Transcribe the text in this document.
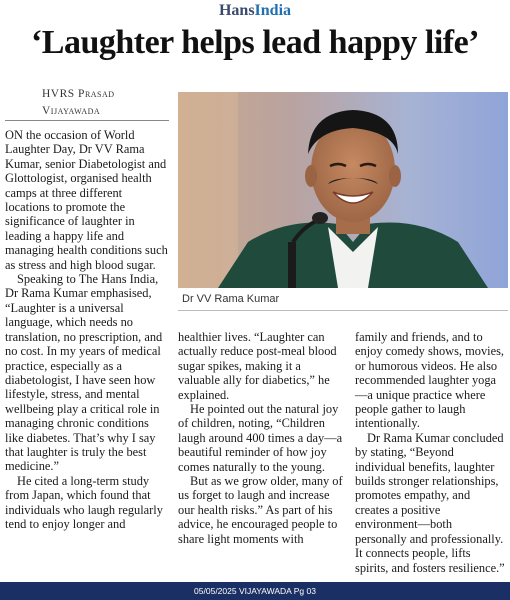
HansIndia
‘Laughter helps lead happy life’
HVRS Prasad
Vijayawada
Dr VV Rama Kumar

ON the occasion of World Laughter Day, Dr VV Rama Kumar, senior Diabetologist and Glottologist, organised health camps at three different locations to promote the significance of laughter in leading a happy life and managing health conditions such as stress and high blood sugar.

Speaking to The Hans India, Dr Rama Kumar emphasised, “Laughter is a universal language, which needs no translation, no prescription, and no cost. In my years of medical practice, especially as a diabetologist, I have seen how lifestyle, stress, and mental wellbeing play a critical role in managing chronic conditions like diabetes. That’s why I say that laughter is truly the best medicine.”

He cited a long-term study from Japan, which found that individuals who laugh regularly tend to enjoy longer and

healthier lives. “Laughter can actually reduce post-meal blood sugar spikes, making it a valuable ally for diabetics,” he explained.

He pointed out the natural joy of children, noting, “Children laugh around 400 times a day—a beautiful reminder of how joy comes naturally to the young.

But as we grow older, many of us forget to laugh and increase our health risks.” As part of his advice, he encouraged people to share light moments with

family and friends, and to enjoy comedy shows, movies, or humorous videos. He also recommended laughter yoga—a unique practice where people gather to laugh intentionally.

Dr Rama Kumar concluded by stating, “Beyond individual benefits, laughter builds stronger relationships, promotes empathy, and creates a positive environment—both personally and professionally. It connects people, lifts spirits, and fosters resilience.”

05/05/2025 VIJAYAWADA Pg 03
